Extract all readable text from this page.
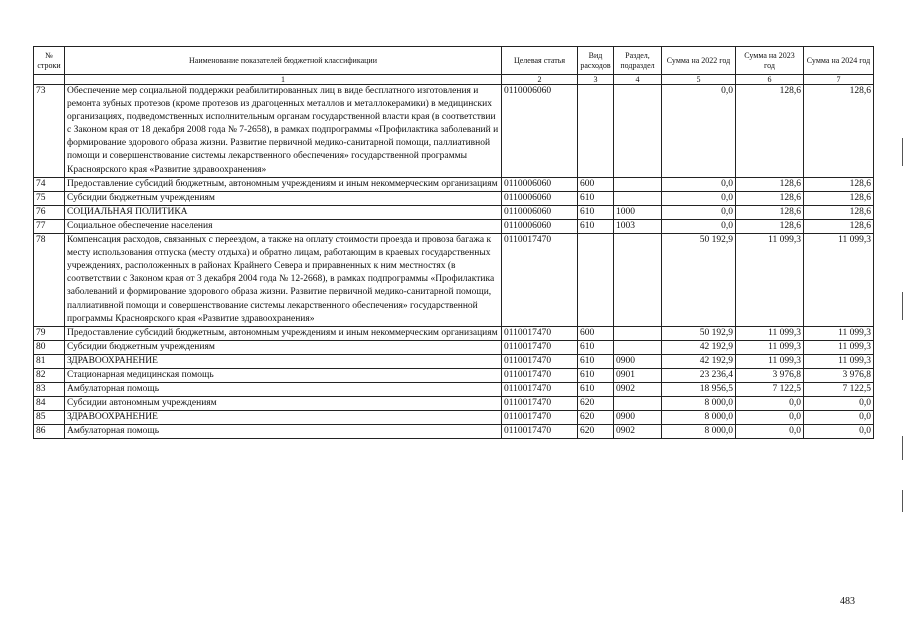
№ строки	Наименование показателей бюджетной классификации	Целевая статья	Вид расходов	Раздел, подраздел	Сумма на 2022 год	Сумма на 2023 год	Сумма на 2024 год
	1	2	3	4	5	6	7
73	Обеспечение мер социальной поддержки реабилитированных лиц в виде бесплатного изготовления и ремонта зубных протезов (кроме протезов из драгоценных металлов и металлокерамики) в медицинских организациях, подведомственных исполнительным органам государственной власти края (в соответствии с Законом края от 18 декабря 2008 года № 7-2658), в рамках подпрограммы «Профилактика заболеваний и формирование здорового образа жизни. Развитие первичной медико-санитарной помощи, паллиативной помощи и совершенствование системы лекарственного обеспечения» государственной программы Красноярского края «Развитие здравоохранения»	0110006060			0,0	128,6	128,6
74	Предоставление субсидий бюджетным, автономным учреждениям и иным некоммерческим организациям	0110006060	600		0,0	128,6	128,6
75	Субсидии бюджетным учреждениям	0110006060	610		0,0	128,6	128,6
76	СОЦИАЛЬНАЯ ПОЛИТИКА	0110006060	610	1000	0,0	128,6	128,6
77	Социальное обеспечение населения	0110006060	610	1003	0,0	128,6	128,6
78	Компенсация расходов, связанных с переездом, а также на оплату стоимости проезда и провоза багажа к месту использования отпуска (месту отдыха) и обратно лицам, работающим в краевых государственных учреждениях, расположенных в районах Крайнего Севера и приравненных к ним местностях (в соответствии с Законом края от 3 декабря 2004 года № 12-2668), в рамках подпрограммы «Профилактика заболеваний и формирование здорового образа жизни. Развитие первичной медико-санитарной помощи, паллиативной помощи и совершенствование системы лекарственного обеспечения» государственной программы Красноярского края «Развитие здравоохранения»	0110017470			50 192,9	11 099,3	11 099,3
79	Предоставление субсидий бюджетным, автономным учреждениям и иным некоммерческим организациям	0110017470	600		50 192,9	11 099,3	11 099,3
80	Субсидии бюджетным учреждениям	0110017470	610		42 192,9	11 099,3	11 099,3
81	ЗДРАВООХРАНЕНИЕ	0110017470	610	0900	42 192,9	11 099,3	11 099,3
82	Стационарная медицинская помощь	0110017470	610	0901	23 236,4	3 976,8	3 976,8
83	Амбулаторная помощь	0110017470	610	0902	18 956,5	7 122,5	7 122,5
84	Субсидии автономным учреждениям	0110017470	620		8 000,0	0,0	0,0
85	ЗДРАВООХРАНЕНИЕ	0110017470	620	0900	8 000,0	0,0	0,0
86	Амбулаторная помощь	0110017470	620	0902	8 000,0	0,0	0,0
483
